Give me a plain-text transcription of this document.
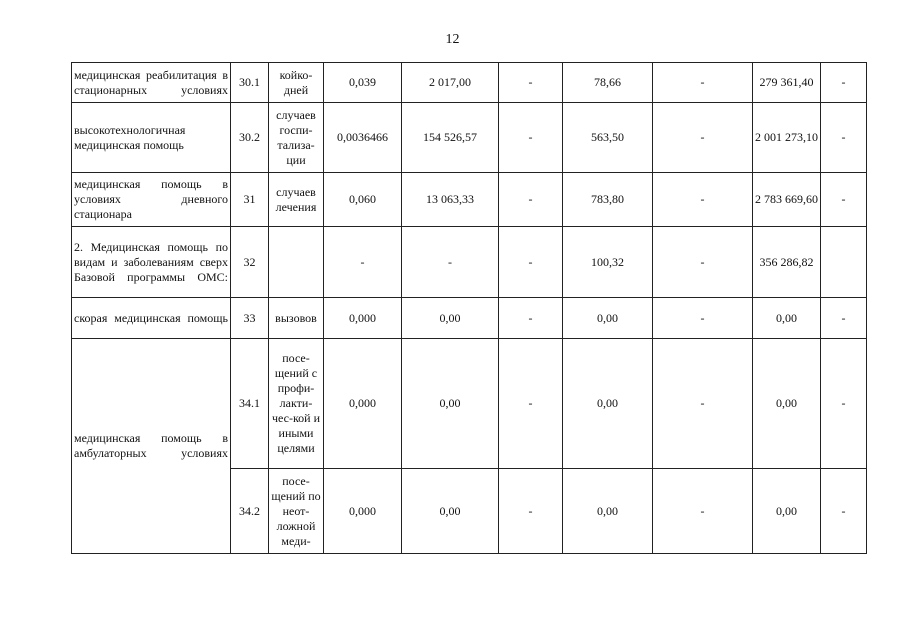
12
медицинская реабилитация в стационарных условиях	30.1	койко-дней	0,039	2 017,00	-	78,66	-	279 361,40	-
высокотехнологичная медицинская помощь	30.2	случаев госпи-тализа-ции	0,0036466	154 526,57	-	563,50	-	2 001 273,10	-
медицинская помощь в условиях дневного стационара	31	случаев лечения	0,060	13 063,33	-	783,80	-	2 783 669,60	-
2. Медицинская помощь по видам и заболеваниям сверх Базовой программы ОМС:	32		-	-	-	100,32	-	356 286,82	
скорая медицинская помощь	33	вызовов	0,000	0,00	-	0,00	-	0,00	-
медицинская помощь в амбулаторных условиях	34.1	посе-щений с профи-лакти-чес-кой и иными целями	0,000	0,00	-	0,00	-	0,00	-
	34.2	посе-щений по неот-ложной меди-	0,000	0,00	-	0,00	-	0,00	-
